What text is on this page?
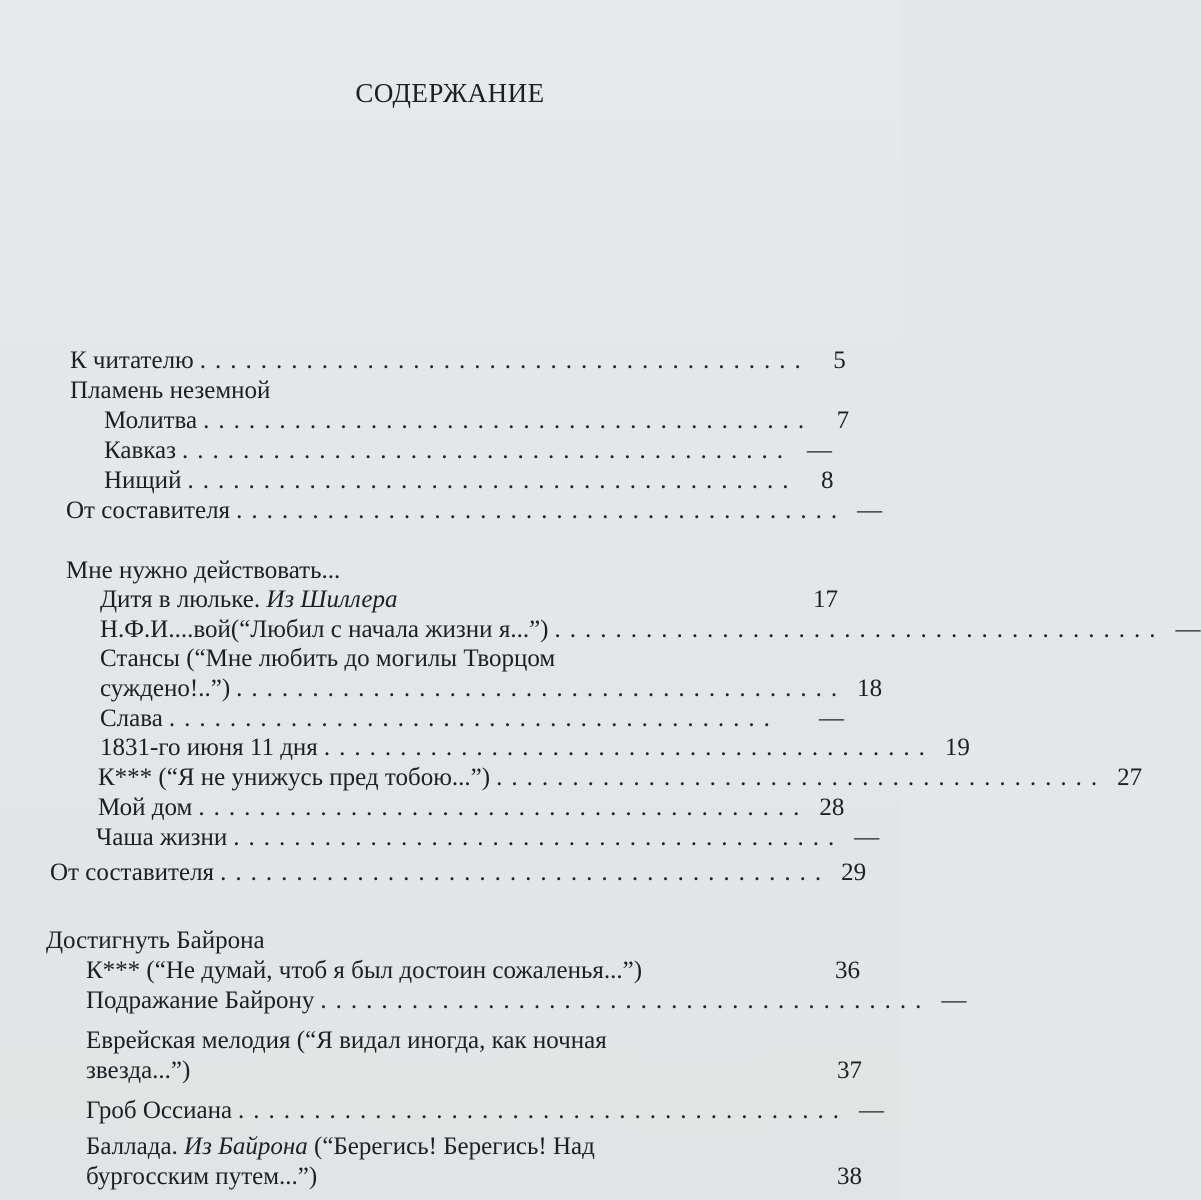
СОДЕРЖАНИЕ
К читателю ........................................ 5
Пламень неземной
Молитва ........................................ 7
Кавказ ........................................ —
Нищий ........................................ 8
От составителя ........................................ —
Мне нужно действовать...
Дитя в люльке. Из Шиллера	17
Н.Ф.И....вой(“Любил с начала жизни я...”) ........................................ —
Стансы (“Мне любить до могилы Творцом
суждено!..”) ........................................ 18
Слава ........................................	—
1831-го июня 11 дня ........................................ 19
К*** (“Я не унижусь пред тобою...”) ........................................ 27
Мой дом ........................................ 28
Чаша жизни ........................................ —
От составителя ........................................ 29
Достигнуть Байрона
К*** (“Не думай, чтоб я был достоин сожаленья...”)	36
Подражание Байрону ........................................ —
Еврейская мелодия (“Я видал иногда, как ночная
звезда...”)	37
Гроб Оссиана ........................................ —
Баллада. Из Байрона (“Берегись! Берегись! Над
бургосским путем...”)	38
